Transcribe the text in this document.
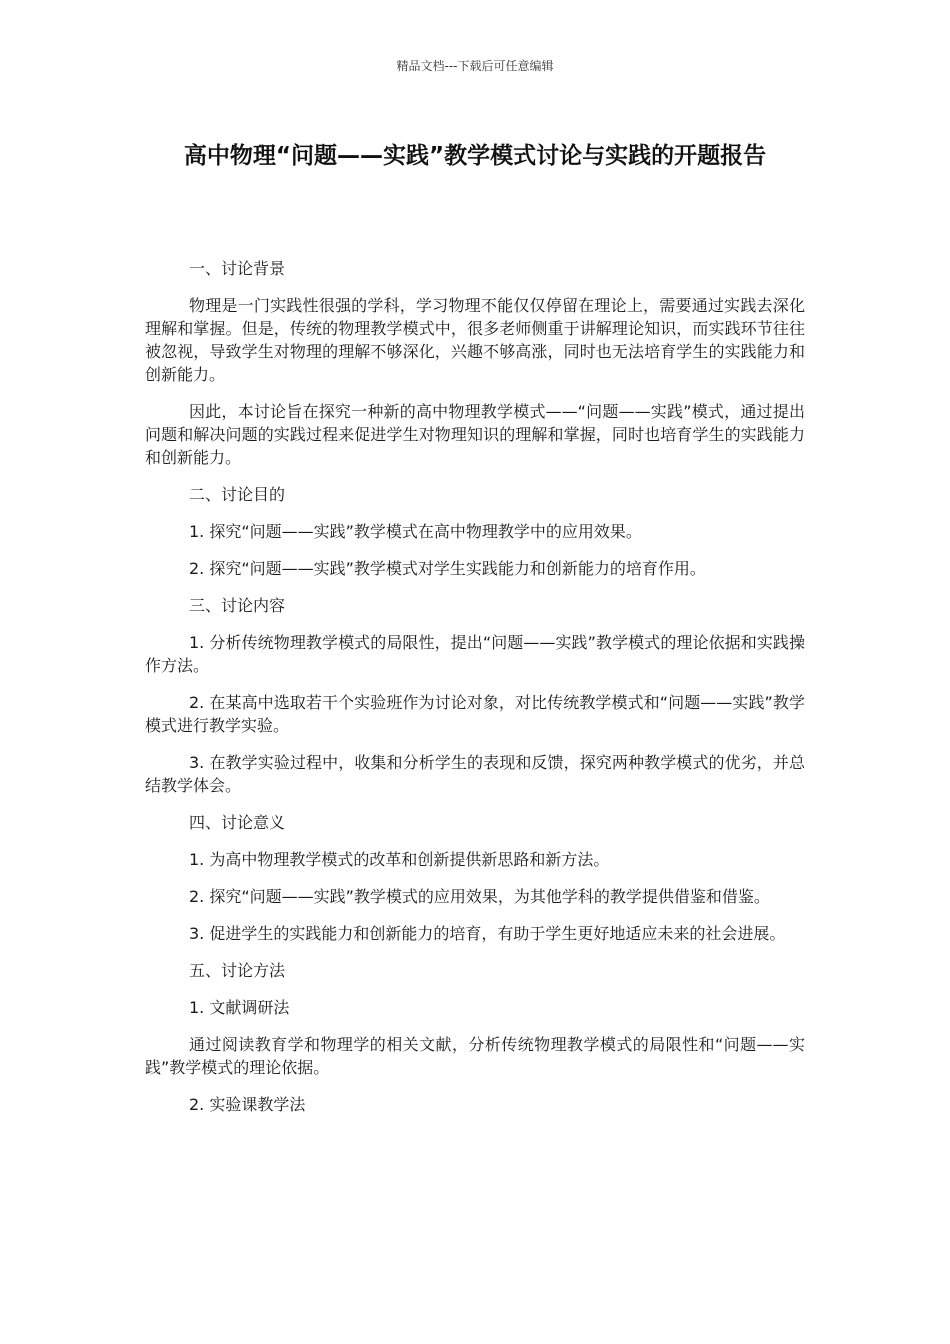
精品文档---下载后可任意编辑
高中物理“问题——实践”教学模式讨论与实践的开题报告

一、讨论背景

物理是一门实践性很强的学科，学习物理不能仅仅停留在理论上，需要通过实践去深化理解和掌握。但是，传统的物理教学模式中，很多老师侧重于讲解理论知识，而实践环节往往被忽视，导致学生对物理的理解不够深化，兴趣不够高涨，同时也无法培育学生的实践能力和创新能力。

因此，本讨论旨在探究一种新的高中物理教学模式——“问题——实践”模式，通过提出问题和解决问题的实践过程来促进学生对物理知识的理解和掌握，同时也培育学生的实践能力和创新能力。

二、讨论目的

1. 探究“问题——实践”教学模式在高中物理教学中的应用效果。

2. 探究“问题——实践”教学模式对学生实践能力和创新能力的培育作用。

三、讨论内容

1. 分析传统物理教学模式的局限性，提出“问题——实践”教学模式的理论依据和实践操作方法。

2. 在某高中选取若干个实验班作为讨论对象，对比传统教学模式和“问题——实践”教学模式进行教学实验。

3. 在教学实验过程中，收集和分析学生的表现和反馈，探究两种教学模式的优劣，并总结教学体会。

四、讨论意义

1. 为高中物理教学模式的改革和创新提供新思路和新方法。

2. 探究“问题——实践”教学模式的应用效果，为其他学科的教学提供借鉴和借鉴。

3. 促进学生的实践能力和创新能力的培育，有助于学生更好地适应未来的社会进展。

五、讨论方法

1. 文献调研法

通过阅读教育学和物理学的相关文献，分析传统物理教学模式的局限性和“问题——实践”教学模式的理论依据。

2. 实验课教学法
